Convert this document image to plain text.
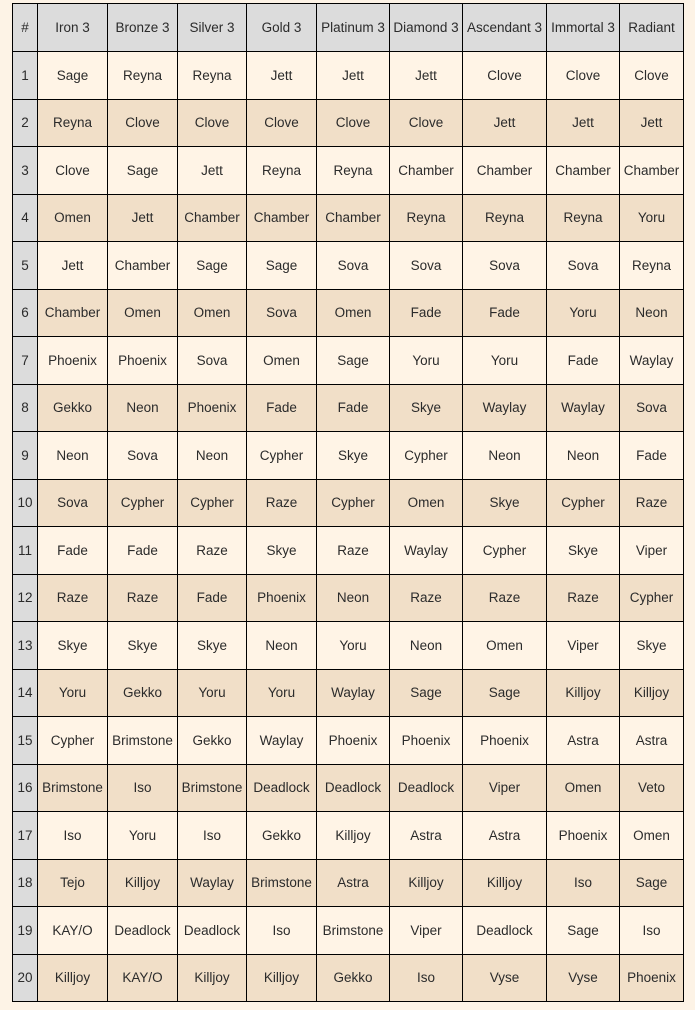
#	Iron 3	Bronze 3	Silver 3	Gold 3	Platinum 3	Diamond 3	Ascendant 3	Immortal 3	Radiant
1	Sage	Reyna	Reyna	Jett	Jett	Jett	Clove	Clove	Clove
2	Reyna	Clove	Clove	Clove	Clove	Clove	Jett	Jett	Jett
3	Clove	Sage	Jett	Reyna	Reyna	Chamber	Chamber	Chamber	Chamber
4	Omen	Jett	Chamber	Chamber	Chamber	Reyna	Reyna	Reyna	Yoru
5	Jett	Chamber	Sage	Sage	Sova	Sova	Sova	Sova	Reyna
6	Chamber	Omen	Omen	Sova	Omen	Fade	Fade	Yoru	Neon
7	Phoenix	Phoenix	Sova	Omen	Sage	Yoru	Yoru	Fade	Waylay
8	Gekko	Neon	Phoenix	Fade	Fade	Skye	Waylay	Waylay	Sova
9	Neon	Sova	Neon	Cypher	Skye	Cypher	Neon	Neon	Fade
10	Sova	Cypher	Cypher	Raze	Cypher	Omen	Skye	Cypher	Raze
11	Fade	Fade	Raze	Skye	Raze	Waylay	Cypher	Skye	Viper
12	Raze	Raze	Fade	Phoenix	Neon	Raze	Raze	Raze	Cypher
13	Skye	Skye	Skye	Neon	Yoru	Neon	Omen	Viper	Skye
14	Yoru	Gekko	Yoru	Yoru	Waylay	Sage	Sage	Killjoy	Killjoy
15	Cypher	Brimstone	Gekko	Waylay	Phoenix	Phoenix	Phoenix	Astra	Astra
16	Brimstone	Iso	Brimstone	Deadlock	Deadlock	Deadlock	Viper	Omen	Veto
17	Iso	Yoru	Iso	Gekko	Killjoy	Astra	Astra	Phoenix	Omen
18	Tejo	Killjoy	Waylay	Brimstone	Astra	Killjoy	Killjoy	Iso	Sage
19	KAY/O	Deadlock	Deadlock	Iso	Brimstone	Viper	Deadlock	Sage	Iso
20	Killjoy	KAY/O	Killjoy	Killjoy	Gekko	Iso	Vyse	Vyse	Phoenix
